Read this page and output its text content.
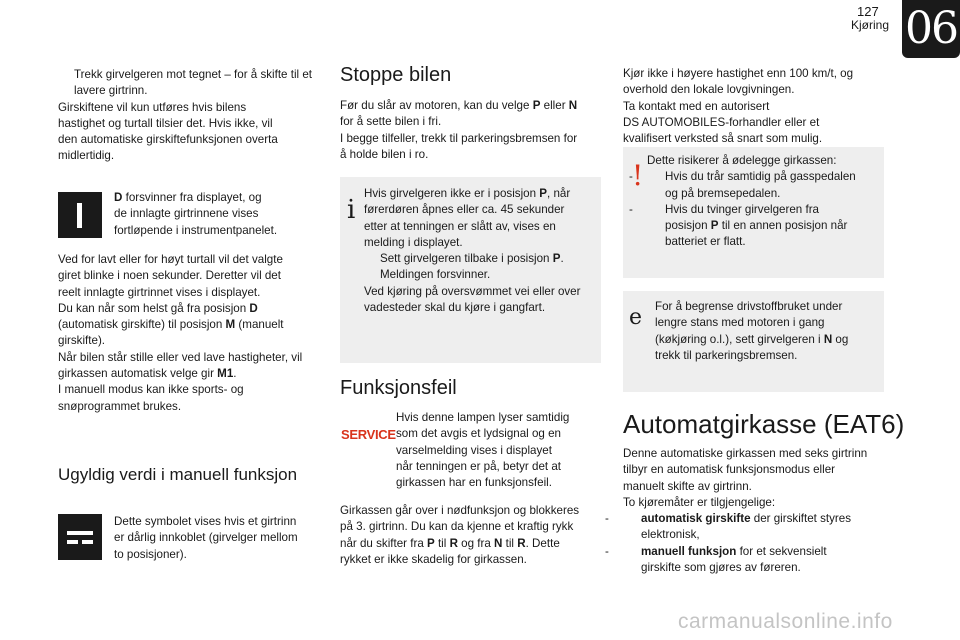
127
Kjøring 06

Trekk girvelgeren mot tegnet – for å skifte til et lavere girtrinn.

Girskiftene vil kun utføres hvis bilens
hastighet og turtall tilsier det. Hvis ikke, vil
den automatiske girskiftefunksjonen overta
midlertidig.

D forsvinner fra displayet, og
de innlagte girtrinnene vises
fortløpende i instrumentpanelet.

Ved for lavt eller for høyt turtall vil det valgte
giret blinke i noen sekunder. Deretter vil det
reelt innlagte girtrinnet vises i displayet.

Du kan når som helst gå fra posisjon D
(automatisk girskifte) til posisjon M (manuelt
girskifte).

Når bilen står stille eller ved lave hastigheter, vil
girkassen automatisk velge gir M1.

I manuell modus kan ikke sports- og
snøprogrammet brukes.

Ugyldig verdi i manuell funksjon

Dette symbolet vises hvis et girtrinn
er dårlig innkoblet (girvelger mellom
to posisjoner).

Stoppe bilen

Før du slår av motoren, kan du velge P eller N
for å sette bilen i fri.
I begge tilfeller, trekk til parkeringsbremsen for
å holde bilen i ro.

i

Hvis girvelgeren ikke er i posisjon P, når
førerdøren åpnes eller ca. 45 sekunder
etter at tenningen er slått av, vises en
melding i displayet.

Sett girvelgeren tilbake i posisjon P.
Meldingen forsvinner.

Ved kjøring på oversvømmet vei eller over
vadesteder skal du kjøre i gangfart.

Funksjonsfeil
SERVICE

Hvis denne lampen lyser samtidig
som det avgis et lydsignal og en
varselmelding vises i displayet
når tenningen er på, betyr det at
girkassen har en funksjonsfeil.

Girkassen går over i nødfunksjon og blokkeres
på 3. girtrinn. Du kan da kjenne et kraftig rykk
når du skifter fra P til R og fra N til R. Dette
rykket er ikke skadelig for girkassen.

Kjør ikke i høyere hastighet enn 100 km/t, og
overhold den lokale lovgivningen.
Ta kontakt med en autorisert
DS AUTOMOBILES-forhandler eller et
kvalifisert verksted så snart som mulig.

! Dette risikerer å ødelegge girkassen:

-	Hvis du trår samtidig på gasspedalen
og på bremsepedalen.

-	Hvis du tvinger girvelgeren fra
posisjon P til en annen posisjon når
batteriet er flatt.

e For å begrense drivstoffbruket under
lengre stans med motoren i gang
(køkjøring o.l.), sett girvelgeren i N og
trekk til parkeringsbremsen.

Automatgirkasse (EAT6)

Denne automatiske girkassen med seks girtrinn
tilbyr en automatisk funksjonsmodus eller
manuelt skifte av girtrinn.
To kjøremåter er tilgjengelige:

-	automatisk girskifte der girskiftet styres
elektronisk,

-	manuell funksjon for et sekvensielt
girskifte som gjøres av føreren.

carmanualsonline.info
